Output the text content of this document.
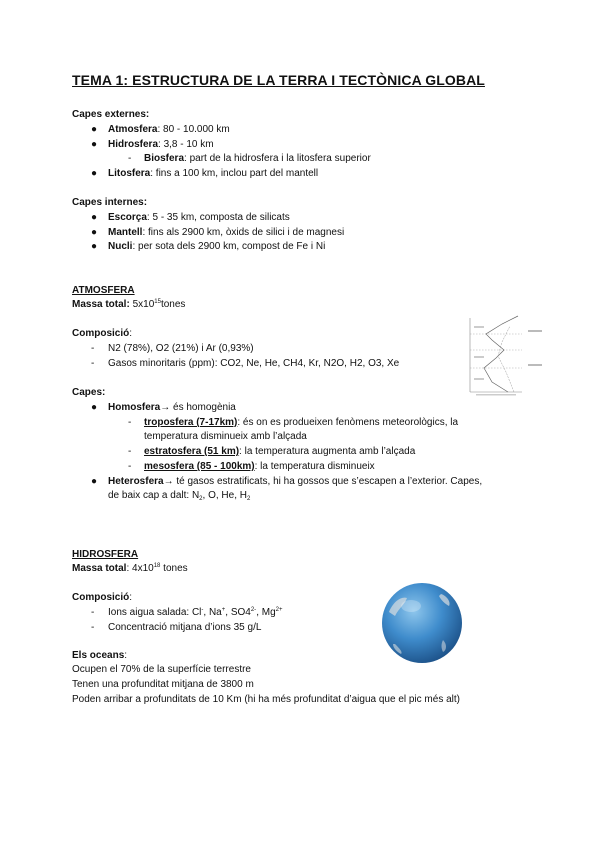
TEMA 1: ESTRUCTURA DE LA TERRA I TECTÒNICA GLOBAL
Capes externes:
● Atmosfera: 80 - 10.000 km
● Hidrosfera: 3,8 - 10 km
- Biosfera: part de la hidrosfera i la litosfera superior
● Litosfera: fins a 100 km, inclou part del mantell
Capes internes:
● Escorça: 5 - 35 km, composta de silicats
● Mantell: fins als 2900 km, òxids de silici i de magnesi
● Nucli: per sota dels 2900 km, compost de Fe i Ni
ATMOSFERA
Massa total: $5x10^{15}tones$
Composició:
- N2 (78%), O2 (21%) i Ar (0,93%)
- Gasos minoritaris (ppm): CO2, Ne, He, CH4, Kr, N2O, H2, O3, Xe
Capes:
● Homosfera→ és homogènia
- troposfera (7-17km): és on es produeixen fenòmens meteorològics, la
temperatura disminueix amb l’alçada
- estratosfera (51 km): la temperatura augmenta amb l’alçada
- mesosfera (85 - 100km): la temperatura disminueix
● Heterosfera→ té gasos estratificats, hi ha gossos que s’escapen a l’exterior. Capes,
de baix cap a dalt: $N_2$, O, He, $H_2$
HIDROSFERA
Massa total: $4x10^{18}$ tones
Composició:
- Ions aigua salada: Cl-, Na+, $SO4^{2-}$, $Mg^{2+}$
- Concentració mitjana d’ions 35 g/L
Els oceans:
Ocupen el 70% de la superfície terrestre
Tenen una profunditat mitjana de 3800 m
Poden arribar a profunditats de 10 Km (hi ha més profunditat d’aigua que el pic més alt)
